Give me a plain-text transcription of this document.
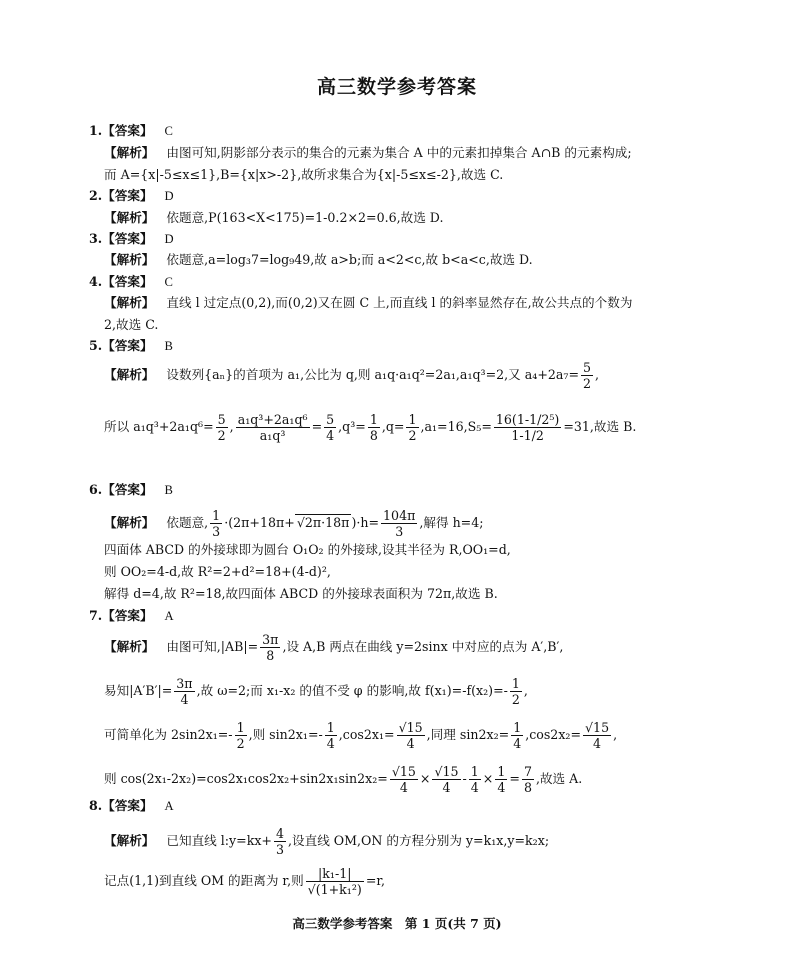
高三数学参考答案
1.【答案】 C
【解析】 由图可知,阴影部分表示的集合的元素为集合 A 中的元素扣掉集合 A∩B 的元素构成;
而 A={x|-5≤x≤1},B={x|x>-2},故所求集合为{x|-5≤x≤-2},故选 C.
2.【答案】 D
【解析】 依题意,P(163<X<175)=1-0.2×2=0.6,故选 D.
3.【答案】 D
【解析】 依题意,a=log₃7=log₉49,故 a>b;而 a<2<c,故 b<a<c,故选 D.
4.【答案】 C
【解析】 直线 l 过定点(0,2),而(0,2)又在圆 C 上,而直线 l 的斜率显然存在,故公共点的个数为
2,故选 C.
5.【答案】 B
【解析】 设数列{aₙ}的首项为 a₁,公比为 q,则 a₁q·a₁q²=2a₁,a₁q³=2,又 $a_4+2a_7= \frac{5}{2}$ ,
所以 $a_1q^3+2a_1q^6= \frac{5}{2}$ , $\frac{\text{a₁q³+2a₁q⁶}}{\text{a₁q³}} = \frac{5}{4} ,q^3= \frac{1}{8} ,q= \frac{1}{2} ,a_1=16,S_5= \frac{\text{16(1-1/2⁵)}}{1-1/2} =31$,故选 B.
6.【答案】 B
【解析】 依题意, $\frac{1}{3} \cdot(2\pi+18\pi+ √2\pi\cdot 18\pi$ )$\cdot h= \frac{104\pi}{3}$ ,解得 h=4;
四面体 ABCD 的外接球即为圆台 O₁O₂ 的外接球,设其半径为 R,OO₁=d,
则 OO₂=4-d,故 R²=2+d²=18+(4-d)²,
解得 d=4,故 R²=18,故四面体 ABCD 的外接球表面积为 72π,故选 B.
7.【答案】 A
【解析】 由图可知$,|AB|= \frac{3\pi}{8}$ ,设 A,B 两点在曲线 y=2sinx 中对应的点为 A′,B′,
易知$|A'B'|= \frac{3\pi}{4}$ ,故 ω=2;而 x₁-x₂ 的值不受 φ 的影响,故 $f(x_1)=-f(x_2)=- \frac{1}{2}$ ,
可简单化为 $2\sin 2x_1=- \frac{1}{2}$ ,则 $\sin 2x_1=- \frac{1}{4} ,\cos 2x_1= \frac{√15}{4}$ ,同理 $\sin 2x_2= \frac{1}{4} ,\cos 2x_2= \frac{√15}{4}$ ,
则 $\cos(2x_1-2x_2)=\cos 2x_1\cos 2x_2+\sin 2x_1\sin 2x_2= \frac{√15}{4} \times \frac{√15}{4} - \frac{1}{4} \times \frac{1}{4} = \frac{7}{8}$ ,故选 A.
8.【答案】 A
【解析】 已知直线 l:y=kx+ $\frac{4}{3}$ ,设直线 OM,ON 的方程分别为 y=k₁x,y=k₂x;
记点(1,1)到直线 OM 的距离为 r,则 $\frac{\text{|k₁-1|}}{\text{√(1+k₁²)}} =r$,
高三数学参考答案　第 1 页(共 7 页)
